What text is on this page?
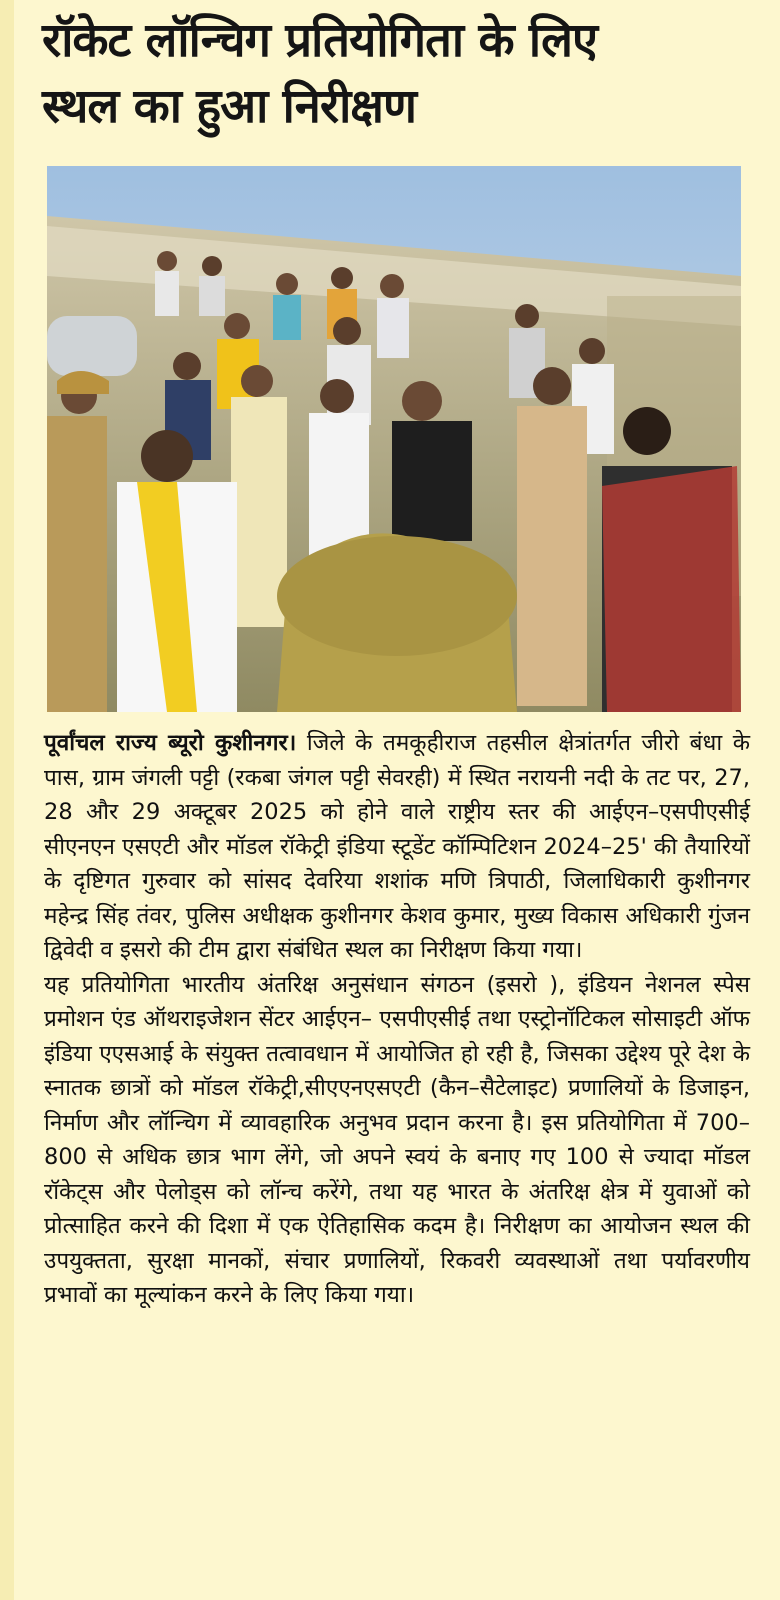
रॉकेट लॉन्चिग प्रतियोगिता के लिए
स्थल का हुआ निरीक्षण

पूर्वांचल राज्य ब्यूरो कुशीनगर। जिले के तमकूहीराज तहसील क्षेत्रांतर्गत जीरो बंधा के पास, ग्राम जंगली पट्टी (रकबा जंगल पट्टी सेवरही) में स्थित नरायनी नदी के तट पर, 27, 28 और 29 अक्टूबर 2025 को होने वाले राष्ट्रीय स्तर की आईएन–एसपीएसीई सीएनएन एसएटी और मॉडल रॉकेट्री इंडिया स्टूडेंट कॉम्पिटिशन 2024–25' की तैयारियों के दृष्टिगत गुरुवार को सांसद देवरिया शशांक मणि त्रिपाठी, जिलाधिकारी कुशीनगर महेन्द्र सिंह तंवर, पुलिस अधीक्षक कुशीनगर केशव कुमार, मुख्य विकास अधिकारी गुंजन द्विवेदी व इसरो की टीम द्वारा संबंधित स्थल का निरीक्षण किया गया।

यह प्रतियोगिता भारतीय अंतरिक्ष अनुसंधान संगठन (इसरो ), इंडियन नेशनल स्पेस प्रमोशन एंड ऑथराइजेशन सेंटर आईएन– एसपीएसीई तथा एस्ट्रोनॉटिकल सोसाइटी ऑफ इंडिया एएसआई के संयुक्त तत्वावधान में आयोजित हो रही है, जिसका उद्देश्य पूरे देश के स्नातक छात्रों को मॉडल रॉकेट्री,सीएएनएसएटी (कैन–सैटेलाइट) प्रणालियों के डिजाइन, निर्माण और लॉन्चिग में व्यावहारिक अनुभव प्रदान करना है। इस प्रतियोगिता में 700–800 से अधिक छात्र भाग लेंगे, जो अपने स्वयं के बनाए गए 100 से ज्यादा मॉडल रॉकेट्स और पेलोड्स को लॉन्च करेंगे, तथा यह भारत के अंतरिक्ष क्षेत्र में युवाओं को प्रोत्साहित करने की दिशा में एक ऐतिहासिक कदम है। निरीक्षण का आयोजन स्थल की उपयुक्तता, सुरक्षा मानकों, संचार प्रणालियों, रिकवरी व्यवस्थाओं तथा पर्यावरणीय प्रभावों का मूल्यांकन करने के लिए किया गया।
